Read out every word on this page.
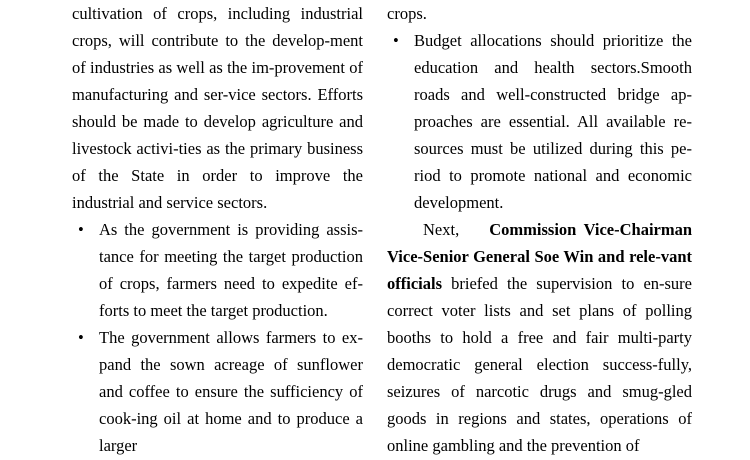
cultivation of crops, including industrial crops, will contribute to the develop-ment of industries as well as the im-provement of manufacturing and ser-vice sectors. Efforts should be made to develop agriculture and livestock activi-ties as the primary business of the State in order to improve the industrial and service sectors.

• As the government is providing assis-tance for meeting the target production of crops, farmers need to expedite ef-forts to meet the target production.
• The government allows farmers to ex-pand the sown acreage of sunflower and coffee to ensure the sufficiency of cook-ing oil at home and to produce a larger

crops.

• Budget allocations should prioritize the education and health sectors.Smooth roads and well-constructed bridge ap-proaches are essential. All available re-sources must be utilized during this pe-riod to promote national and economic development.

Next, Commission Vice-Chairman Vice-Senior General Soe Win and rele-vant officials briefed the supervision to en-sure correct voter lists and set plans of polling booths to hold a free and fair multi-party democratic general election success-fully, seizures of narcotic drugs and smug-gled goods in regions and states, operations of online gambling and the prevention of
